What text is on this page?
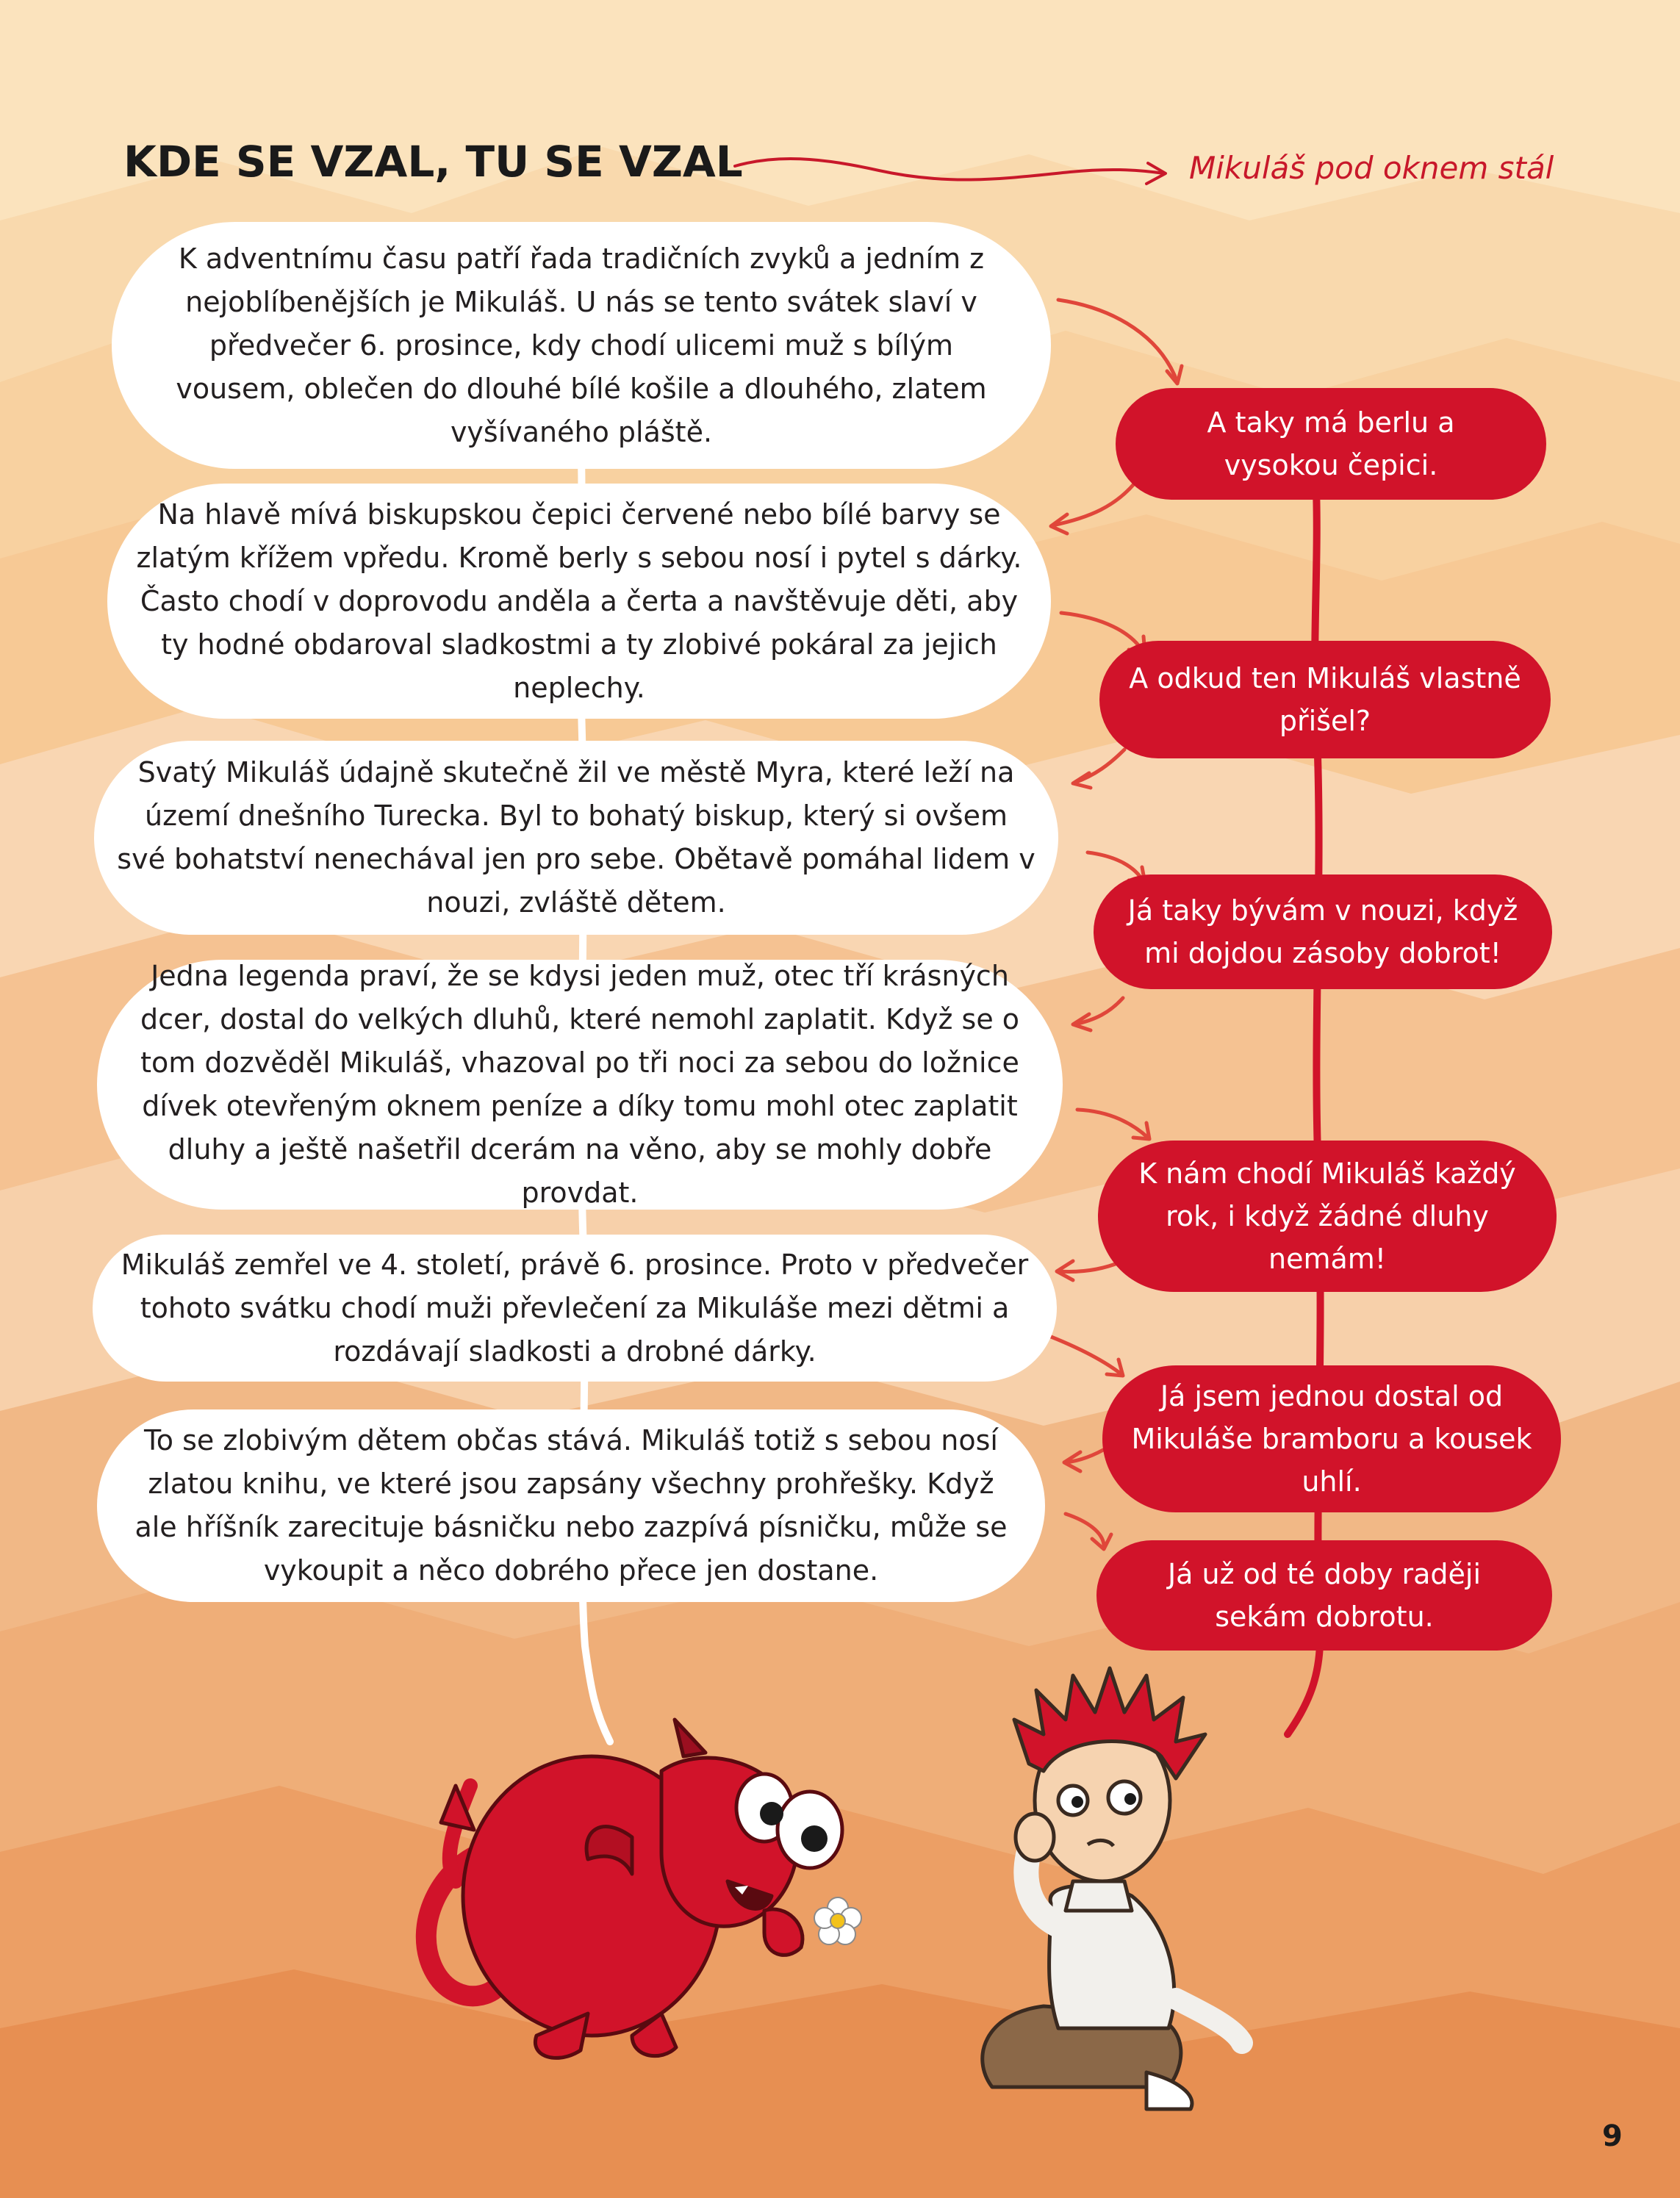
KDE SE VZAL, TU SE VZAL	Mikuláš pod oknem stál

K adventnímu času patří řada tradičních zvyků a jedním z nejoblíbenějších je Mikuláš. U nás se tento svátek slaví v předvečer 6. prosince, kdy chodí ulicemi muž s bílým vousem, oblečen do dlouhé bílé košile a dlouhého, zlatem vyšívaného pláště.

Na hlavě mívá biskupskou čepici červené nebo bílé barvy se zlatým křížem vpředu. Kromě berly s sebou nosí i pytel s dárky. Často chodí v doprovodu anděla a čerta a navštěvuje děti, aby ty hodné obdaroval sladkostmi a ty zlobivé pokáral za jejich neplechy.

Svatý Mikuláš údajně skutečně žil ve městě Myra, které leží na území dnešního Turecka. Byl to bohatý biskup, který si ovšem své bohatství nenechával jen pro sebe. Obětavě pomáhal lidem v nouzi, zvláště dětem.

Jedna legenda praví, že se kdysi jeden muž, otec tří krásných dcer, dostal do velkých dluhů, které nemohl zaplatit. Když se o tom dozvěděl Mikuláš, vhazoval po tři noci za sebou do ložnice dívek otevřeným oknem peníze a díky tomu mohl otec zaplatit dluhy a ještě našetřil dcerám na věno, aby se mohly dobře provdat.

Mikuláš zemřel ve 4. století, právě 6. prosince. Proto v předvečer tohoto svátku chodí muži převlečení za Mikuláše mezi dětmi a rozdávají sladkosti a drobné dárky.

To se zlobivým dětem občas stává. Mikuláš totiž s sebou nosí zlatou knihu, ve které jsou zapsány všechny prohřešky. Když ale hříšník zarecituje básničku nebo zazpívá písničku, může se vykoupit a něco dobrého přece jen dostane.

A taky má berlu a vysokou čepici.

A odkud ten Mikuláš vlastně přišel?

Já taky bývám v nouzi, když mi dojdou zásoby dobrot!

K nám chodí Mikuláš každý rok, i když žádné dluhy nemám!

Já jsem jednou dostal od Mikuláše bramboru a kousek uhlí.

Já už od té doby raději sekám dobrotu.

9
